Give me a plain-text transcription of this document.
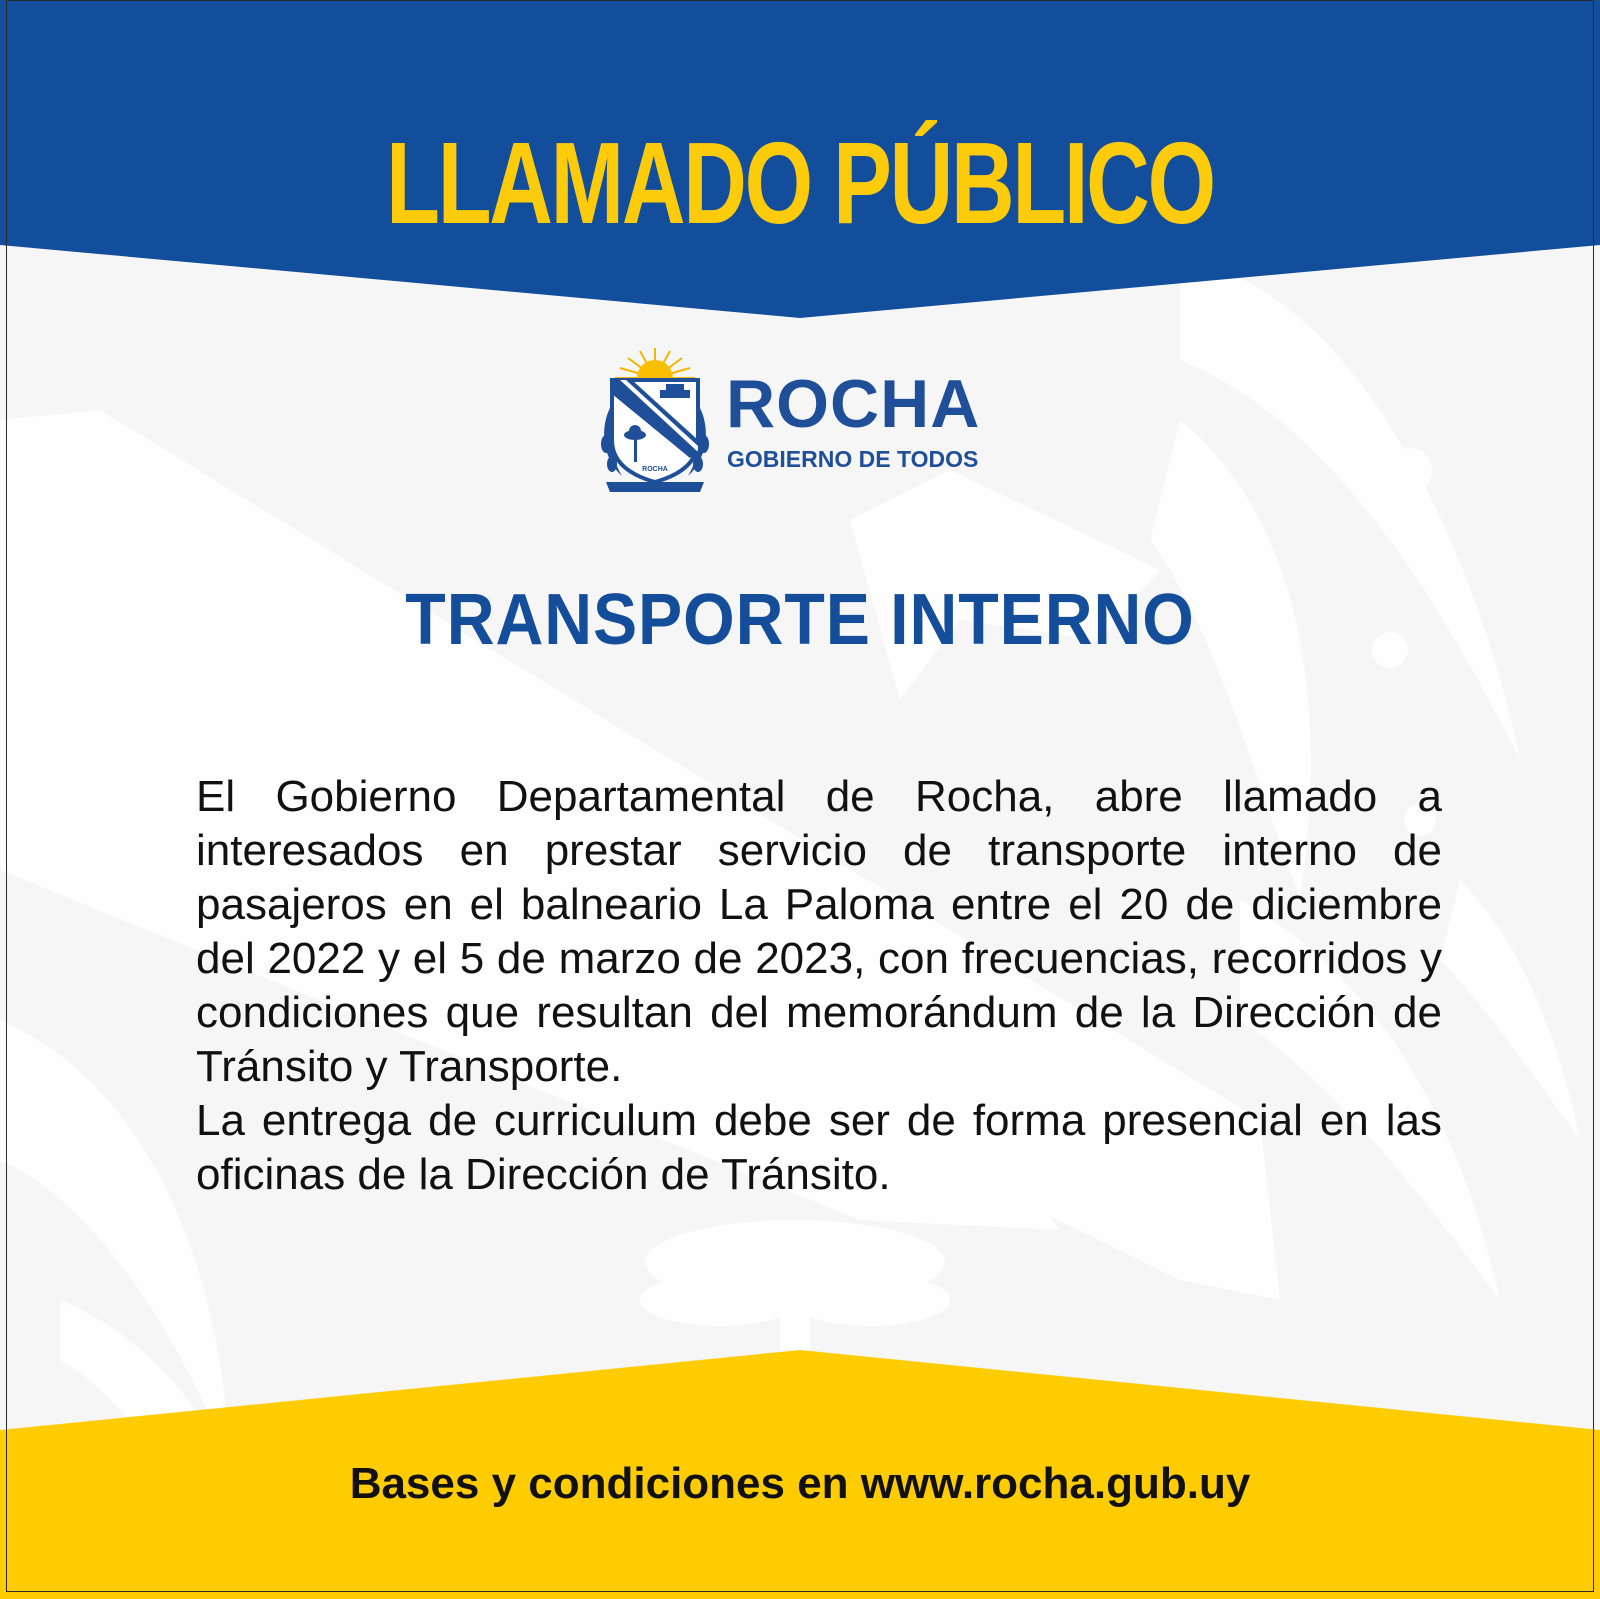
LLAMADO PÚBLICO
ROCHA
ROCHA
GOBIERNO DE TODOS
TRANSPORTE INTERNO

El Gobierno Departamental de Rocha, abre llamado a interesados en prestar servicio de transporte interno de pasajeros en el balneario La Paloma entre el 20 de diciembre del 2022 y el 5 de marzo de 2023, con frecuencias, recorridos y condiciones que resultan del memorándum de la Dirección de Tránsito y Transporte.

La entrega de curriculum debe ser de forma presencial en las oficinas de la Dirección de Tránsito.

Bases y condiciones en www.rocha.gub.uy
